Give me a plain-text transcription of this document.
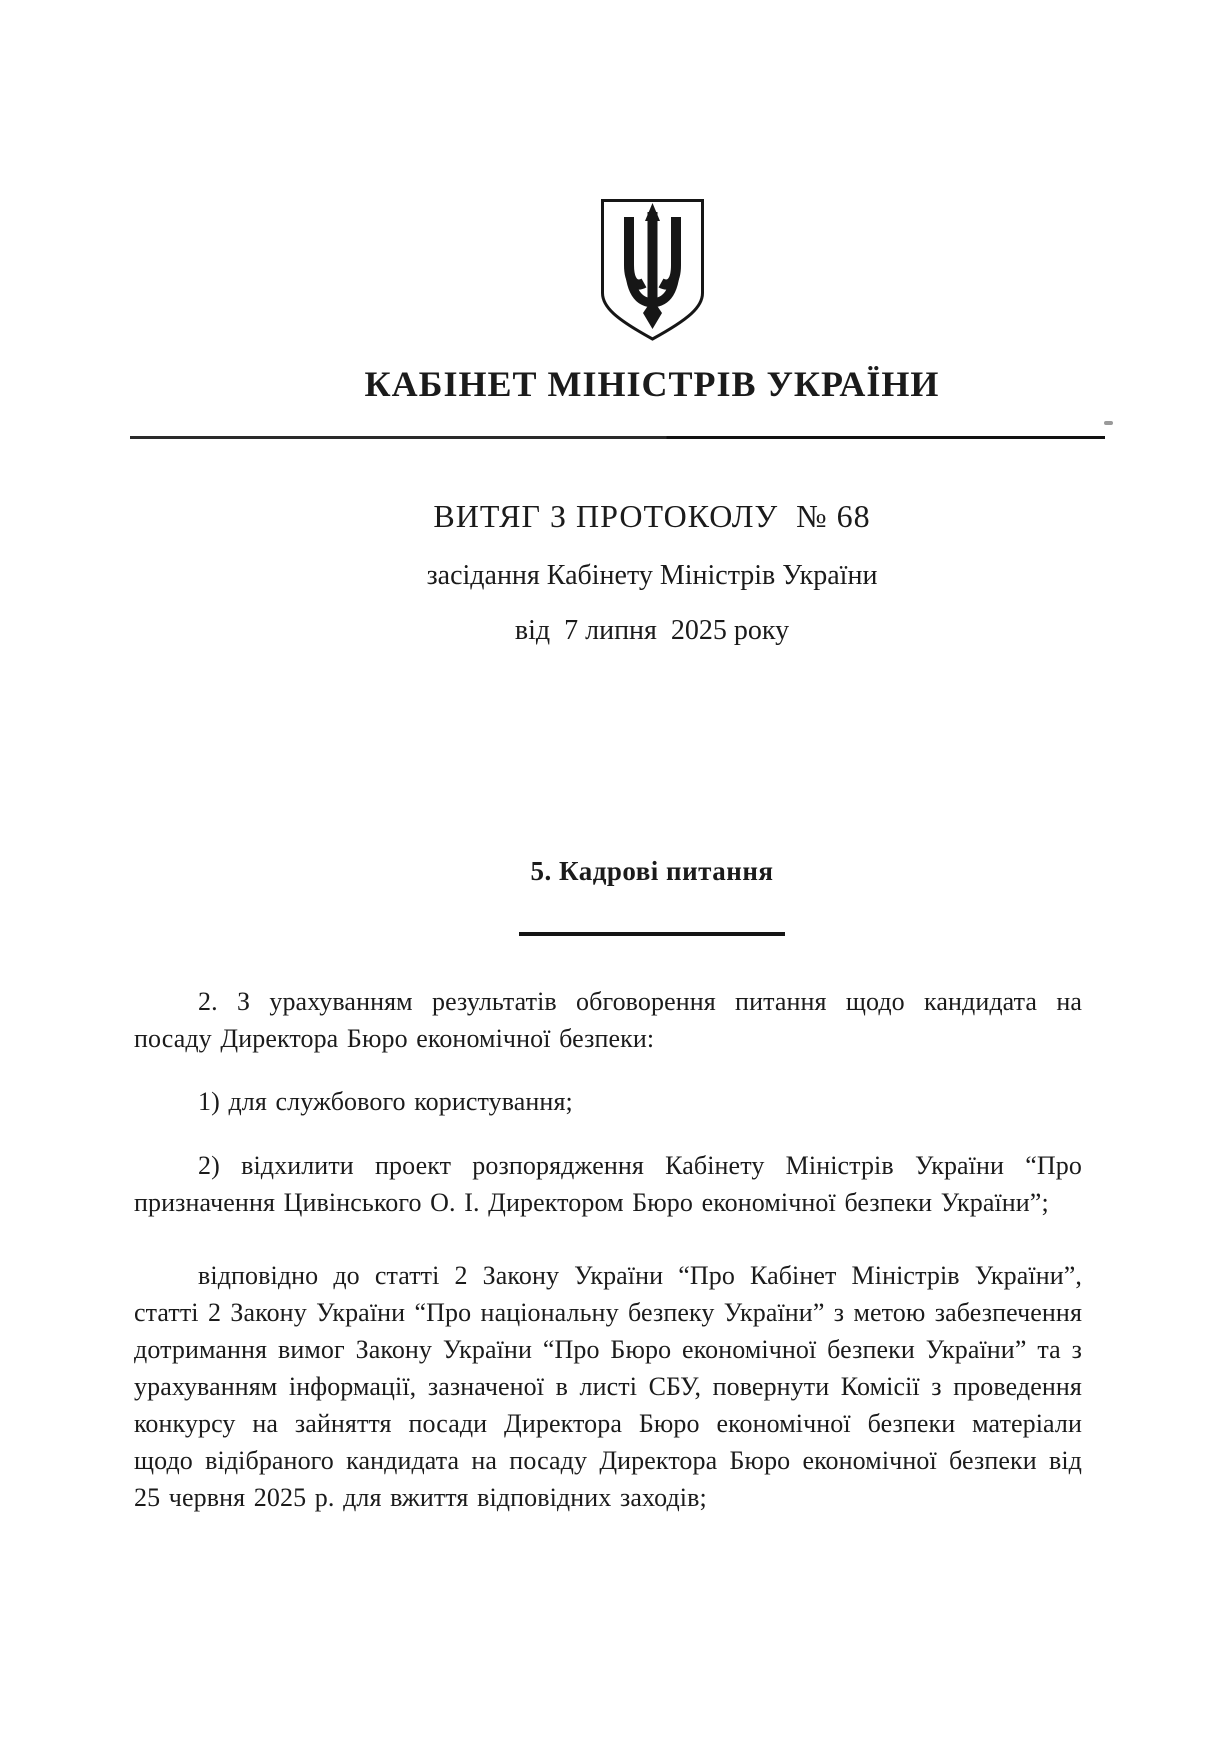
КАБІНЕТ МІНІСТРІВ УКРАЇНИ
ВИТЯГ З ПРОТОКОЛУ  № 68
засідання Кабінету Міністрів України
від  7 липня  2025 року
5. Кадрові питання

2. З урахуванням результатів обговорення питання щодо кандидата на посаду Директора Бюро економічної безпеки:

1) для службового користування;

2) відхилити проект розпорядження Кабінету Міністрів України “Про призначення Цивінського О. І. Директором Бюро економічної безпеки України”;

відповідно до статті 2 Закону України “Про Кабінет Міністрів України”, статті 2 Закону України “Про національну безпеку України” з метою забезпечення дотримання вимог Закону України “Про Бюро економічної безпеки України” та з урахуванням інформації, зазначеної в листі СБУ, повернути Комісії з проведення конкурсу на зайняття посади Директора Бюро економічної безпеки матеріали щодо відібраного кандидата на посаду Директора Бюро економічної безпеки від 25 червня 2025 р. для вжиття відповідних заходів;
